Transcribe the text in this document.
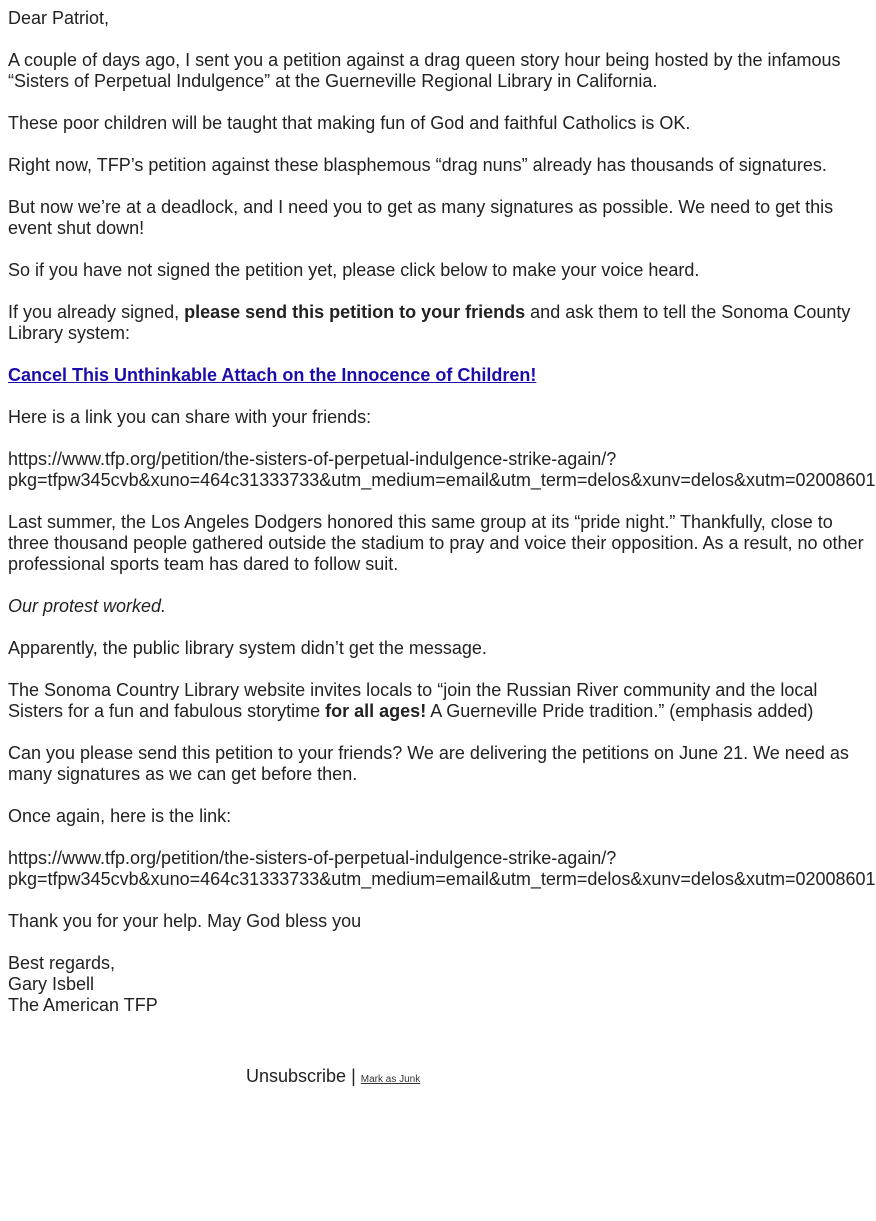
Dear Patriot,
A couple of days ago, I sent you a petition against a drag queen story hour being hosted by the infamous “Sisters of Perpetual Indulgence” at the Guerneville Regional Library in California.
These poor children will be taught that making fun of God and faithful Catholics is OK.
Right now, TFP’s petition against these blasphemous “drag nuns” already has thousands of signatures.
But now we’re at a deadlock, and I need you to get as many signatures as possible. We need to get this event shut down!
So if you have not signed the petition yet, please click below to make your voice heard.
If you already signed, please send this petition to your friends and ask them to tell the Sonoma County Library system:
Cancel This Unthinkable Attach on the Innocence of Children!
Here is a link you can share with your friends:
https://www.tfp.org/petition/the-sisters-of-perpetual-indulgence-strike-again/?
pkg=tfpw345cvb&xuno=464c31333733&utm_medium=email&utm_term=delos&xunv=delos&xutm=02008601
Last summer, the Los Angeles Dodgers honored this same group at its “pride night.” Thankfully, close to three thousand people gathered outside the stadium to pray and voice their opposition. As a result, no other professional sports team has dared to follow suit.
Our protest worked.
Apparently, the public library system didn’t get the message.
The Sonoma Country Library website invites locals to “join the Russian River community and the local Sisters for a fun and fabulous storytime for all ages! A Guerneville Pride tradition.” (emphasis added)
Can you please send this petition to your friends? We are delivering the petitions on June 21. We need as many signatures as we can get before then.
Once again, here is the link:
https://www.tfp.org/petition/the-sisters-of-perpetual-indulgence-strike-again/?
pkg=tfpw345cvb&xuno=464c31333733&utm_medium=email&utm_term=delos&xunv=delos&xutm=02008601
Thank you for your help. May God bless you
Best regards,
Gary Isbell
The American TFP
Unsubscribe | Mark as Junk
